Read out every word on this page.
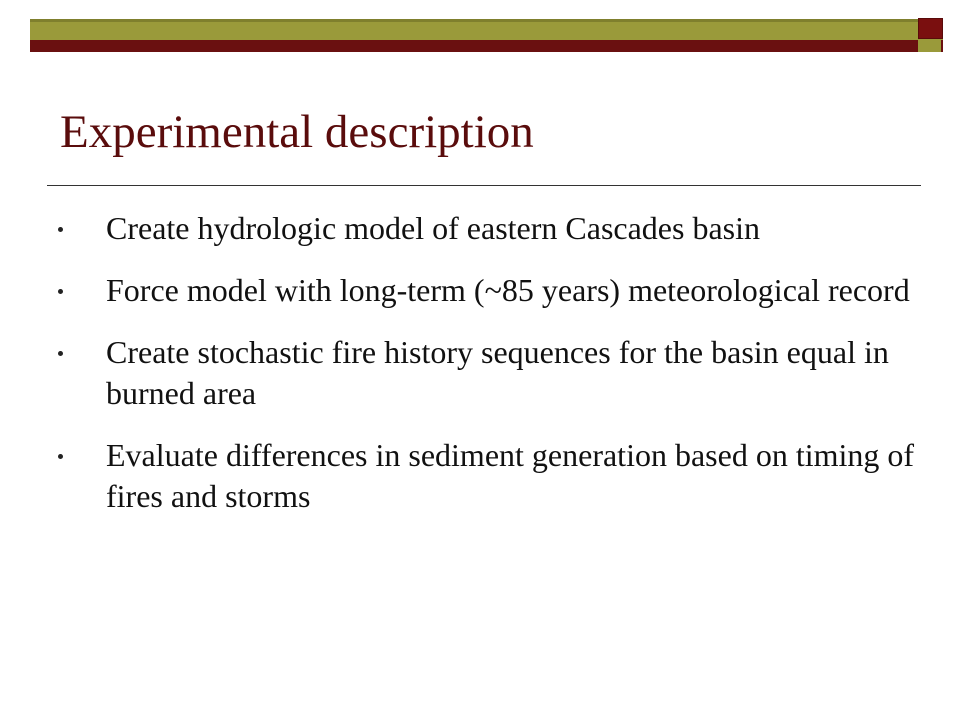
Experimental description
Create hydrologic model of eastern Cascades basin
Force model with long-term (~85 years) meteorological record
Create stochastic fire history sequences for the basin equal in burned area
Evaluate differences in sediment generation based on timing of fires and storms
